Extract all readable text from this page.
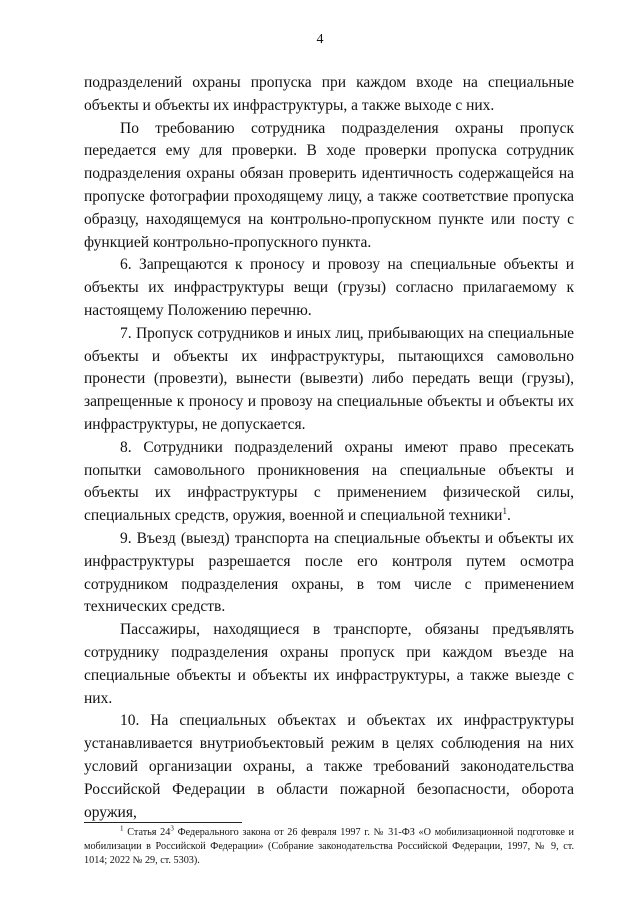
4

подразделений охраны пропуска при каждом входе на специальные объекты и объекты их инфраструктуры, а также выходе с них.

По требованию сотрудника подразделения охраны пропуск передается ему для проверки. В ходе проверки пропуска сотрудник подразделения охраны обязан проверить идентичность содержащейся на пропуске фотографии проходящему лицу, а также соответствие пропуска образцу, находящемуся на контрольно-пропускном пункте или посту с функцией контрольно-пропускного пункта.

6. Запрещаются к проносу и провозу на специальные объекты и объекты их инфраструктуры вещи (грузы) согласно прилагаемому к настоящему Положению перечню.

7. Пропуск сотрудников и иных лиц, прибывающих на специальные объекты и объекты их инфраструктуры, пытающихся самовольно пронести (провезти), вынести (вывезти) либо передать вещи (грузы), запрещенные к проносу и провозу на специальные объекты и объекты их инфраструктуры, не допускается.

8. Сотрудники подразделений охраны имеют право пресекать попытки самовольного проникновения на специальные объекты и объекты их инфраструктуры с применением физической силы, специальных средств, оружия, военной и специальной техники$^1$.

9. Въезд (выезд) транспорта на специальные объекты и объекты их инфраструктуры разрешается после его контроля путем осмотра сотрудником подразделения охраны, в том числе с применением технических средств.

Пассажиры, находящиеся в транспорте, обязаны предъявлять сотруднику подразделения охраны пропуск при каждом въезде на специальные объекты и объекты их инфраструктуры, а также выезде с них.

10. На специальных объектах и объектах их инфраструктуры устанавливается внутриобъектовый режим в целях соблюдения на них условий организации охраны, а также требований законодательства Российской Федерации в области пожарной безопасности, оборота оружия,

$^1$ Статья 24$^3$ Федерального закона от 26 февраля 1997 г. № 31-ФЗ «О мобилизационной подготовке и мобилизации в Российской Федерации» (Собрание законодательства Российской Федерации, 1997, № 9, ст. 1014; 2022 № 29, ст. 5303).
